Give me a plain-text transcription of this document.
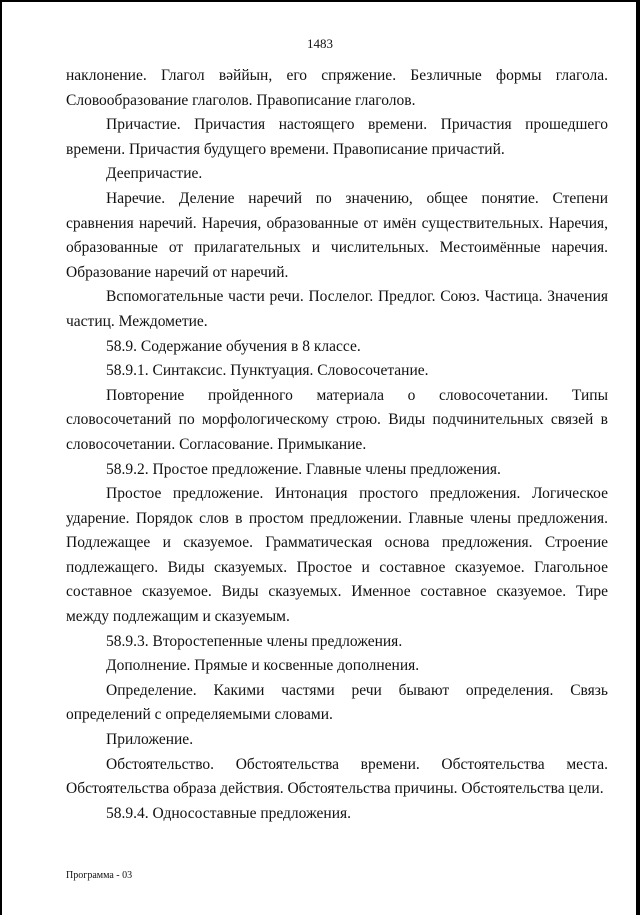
1483

наклонение. Глагол вәййын, его спряжение. Безличные формы глагола. Словообразование глаголов. Правописание глаголов.

Причастие. Причастия настоящего времени. Причастия прошедшего времени. Причастия будущего времени. Правописание причастий.

Деепричастие.

Наречие. Деление наречий по значению, общее понятие. Степени сравнения наречий. Наречия, образованные от имён существительных. Наречия, образованные от прилагательных и числительных. Местоимённые наречия. Образование наречий от наречий.

Вспомогательные части речи. Послелог. Предлог. Союз. Частица. Значения частиц. Междометие.

58.9. Содержание обучения в 8 классе.

58.9.1. Синтаксис. Пунктуация. Словосочетание.

Повторение пройденного материала о словосочетании. Типы словосочетаний по морфологическому строю. Виды подчинительных связей в словосочетании. Согласование. Примыкание.

58.9.2. Простое предложение. Главные члены предложения.

Простое предложение. Интонация простого предложения. Логическое ударение. Порядок слов в простом предложении. Главные члены предложения. Подлежащее и сказуемое. Грамматическая основа предложения. Строение подлежащего. Виды сказуемых. Простое и составное сказуемое. Глагольное составное сказуемое. Виды сказуемых. Именное составное сказуемое. Тире между подлежащим и сказуемым.

58.9.3. Второстепенные члены предложения.

Дополнение. Прямые и косвенные дополнения.

Определение. Какими частями речи бывают определения. Связь определений с определяемыми словами.

Приложение.

Обстоятельство. Обстоятельства времени. Обстоятельства места. Обстоятельства образа действия. Обстоятельства причины. Обстоятельства цели.

58.9.4. Односоставные предложения.

Программа - 03
